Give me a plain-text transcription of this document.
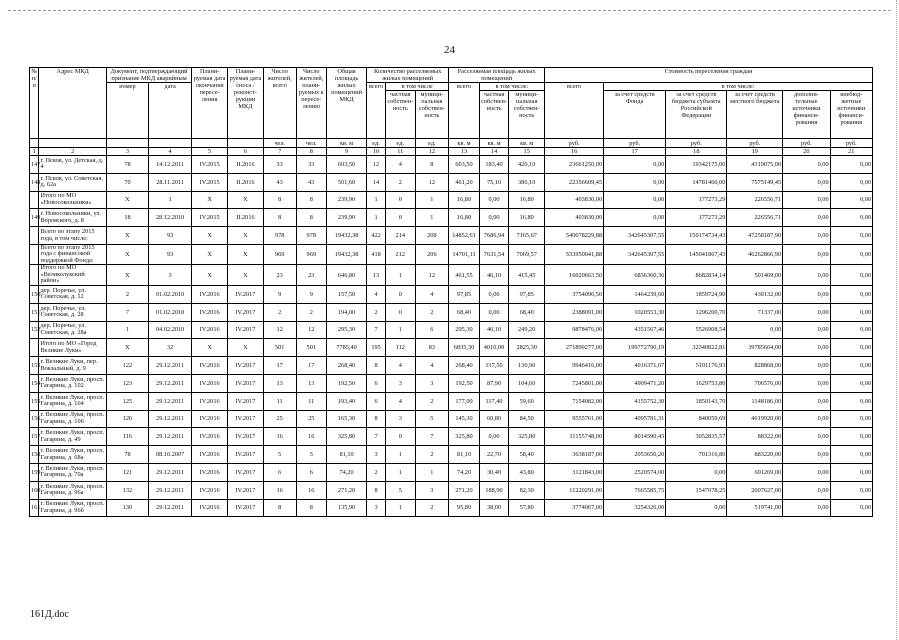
24
№ п/п	Адрес МКД	Документ, подтверждающий признание МКД аварийным		Плани-руемая дата окончания пересе-ления	Плани-руемая дата сноса / реконст-рукции МКД	Число жителей, всего	Число жителей, плани-руемых к пересе-лению	Общая площадь жилых помещений МКД	Количество расселяемых жилых помещений			Расселяемая площадь жилых помещений			Стоимость переселения граждан					
		номер	дата						всего	в том числе		всего	в том числе:		всего	в том числе:				
										частная собствен-ность	муници-пальная собствен-ность		частная собствен-ность	муници-пальная собствен-ность		за счет средств Фонда	за счет средств бюджета субъекта Российской Федерации	за счет средств местного бюджета	дополни-тельные источники финанси-рования	внебюд-жетные источники финанси-рования
						чел.	чел.	кв. м	ед.	ед.	ед.	кв. м	кв. м	кв. м	руб.	руб.	руб.	руб.	руб.	руб.
1	2	3	4	5	6	7	8	9	10	11	12	13	14	15	16	17	18	19	20	21
147	г. Псков, ул. Детская, д. 4	78	14.12.2011	IV.2015	II.2016	33	33	603,50	12	4	8	603,50	183,40	420,10	23661250,00	0,00	19342175,00	4319075,00	0,00	0,00
148	г. Псков, ул. Советская, д. 62а	70	28.11.2011	IV.2015	II.2016	43	43	501,60	14	2	12	461,20	75,10	386,10	22356609,45	0,00	14781460,00	7575149,45	0,00	0,00
	Итого по МО «Новосокольники»	X	1	X	X	8	8	239,90	1	0	1	16,80	0,00	16,80	403830,00	0,00	177273,29	226556,71	0,00	0,00
149	г. Новосокольники, ул. Воровского, д. 8	18	28.12.2010	IV.2015	II.2016	8	8	239,90	1	0	1	16,80	0,00	16,80	403830,00	0,00	177273,29	226556,71	0,00	0,00
	Всего по этапу 2015 года, в том числе:	X	93	X	X	978	978	19432,38	422	214	208	14852,61	7686,94	7165,67	540078229,88	342645307,55	150174734,43	47258187,90	0,00	0,00
	Всего по этапу 2015 года с финансовой поддержкой Фонда:	X	93	X	X	969	969	19432,38	418	212	206	14701,11	7631,54	7069,57	533950041,88	342645307,55	145041867,43	46262866,90	0,00	0,00
	Итого по МО «Великолукский район»	X	3	X	X	23	23	646,80	13	1	12	461,55	46,10	415,45	16020663,50	6836360,36	8682834,14	501469,00	0,00	0,00
150	дер. Поречье, ул. Советская, д. 12	2	01.02.2010	IV.2016	IV.2017	9	9	157,50	4	0	4	97,85	0,00	97,85	3754096,50	1464239,60	1859724,90	430132,00	0,00	0,00
151	дер. Поречье, ул. Советская, д. 28	7	01.02.2010	IV.2016	IV.2017	2	2	194,00	2	0	2	68,40	0,00	68,40	2388091,00	1020553,30	1296200,70	71337,00	0,00	0,00
152	дер. Поречье, ул. Советская, д. 28а	1	04.02.2010	IV.2016	IV.2017	12	12	295,30	7	1	6	295,30	46,10	249,20	9878476,00	4351567,46	5526908,54	0,00	0,00	0,00
	Итого по МО «Город Великие Луки»	X	32	X	X	501	501	7785,40	195	112	83	6835,30	4010,00	2825,30	271899277,00	199772790,19	32340822,81	39785664,00	0,00	0,00
153	г. Великие Луки, пер. Вокзальный, д. 9	122	29.12.2011	IV.2016	IV.2017	17	17	268,40	8	4	4	268,40	137,50	130,90	9946416,00	4016371,07	5101176,93	828868,00	0,00	0,00
154	г. Великие Луки, просп. Гагарина, д. 102	123	29.12.2011	IV.2016	IV.2017	13	13	192,50	6	3	3	192,50	87,90	104,60	7245801,00	4909471,20	1629753,80	706576,00	0,00	0,00
155	г. Великие Луки, просп. Гагарина, д. 104	125	29.12.2011	IV.2016	IV.2017	11	11	193,40	6	4	2	177,00	117,40	59,60	7154082,00	4155752,30	1850143,70	1148186,00	0,00	0,00
156	г. Великие Луки, просп. Гагарина, д. 106	126	29.12.2011	IV.2016	IV.2017	25	25	165,30	8	3	5	145,30	60,80	84,50	9555761,00	4095781,31	840059,69	4619920,00	0,00	0,00
157	г. Великие Луки, просп. Гагарина, д. 49	116	29.12.2011	IV.2016	IV.2017	16	16	325,80	7	0	7	325,80	0,00	325,80	11155748,00	8014590,43	3052835,57	88322,00	0,00	0,00
158	г. Великие Луки, просп. Гагарина, д. 68а	78	08.10.2007	IV.2016	IV.2017	5	5	81,10	3	1	2	81,10	22,70	58,40	3638187,00	2053650,20	701316,80	883220,00	0,00	0,00
159	г. Великие Луки, просп. Гагарина, д. 70а	121	29.12.2011	IV.2016	IV.2017	6	6	74,20	2	1	1	74,20	30,40	43,80	3121843,00	2520574,00	0,00	601269,00	0,00	0,00
160	г. Великие Луки, просп. Гагарина, д. 96а	132	29.12.2011	IV.2016	IV.2017	16	16	271,20	8	5	3	271,20	188,90	82,30	11220291,00	7665585,75	1547078,25	2007627,00	0,00	0,00
161	г. Великие Луки, просп. Гагарина, д. 96б	130	29.12.2011	IV.2016	IV.2017	8	8	135,90	3	1	2	95,80	38,00	57,80	3774067,00	3254326,00	0,00	519741,00	0,00	0,00
161Д.doc
